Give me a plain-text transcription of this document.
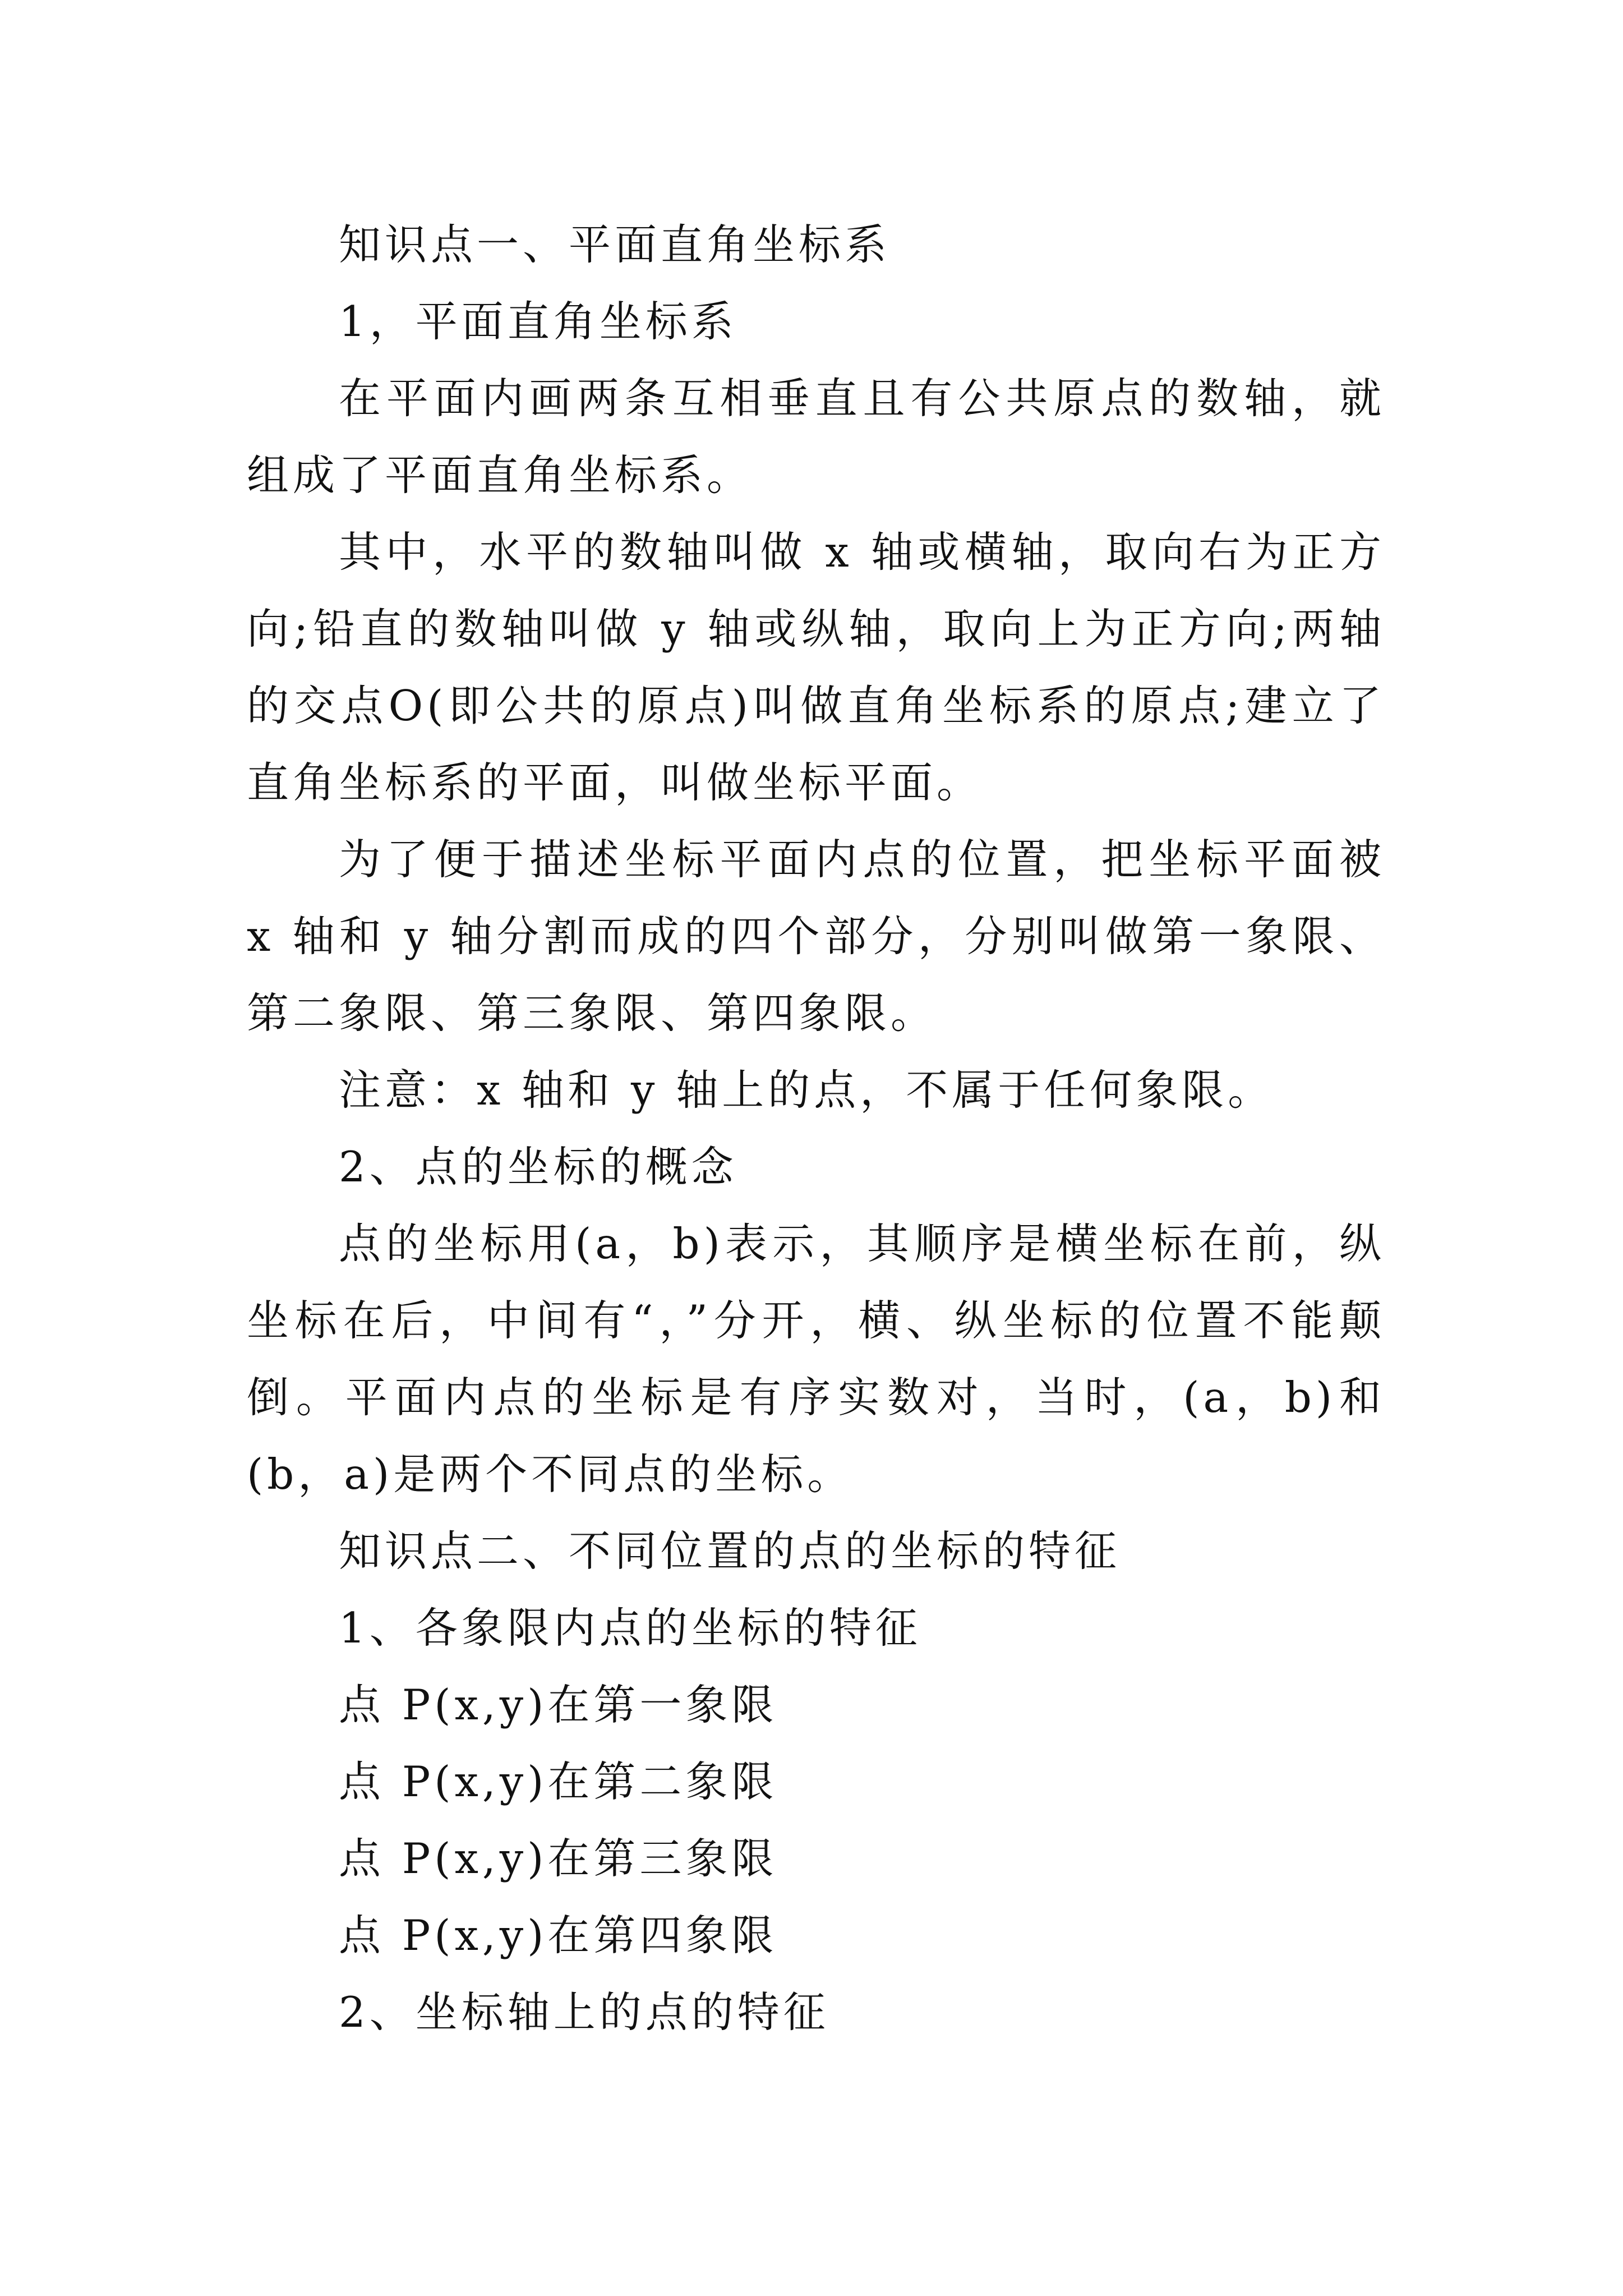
知识点一、平面直角坐标系

1，平面直角坐标系

在平面内画两条互相垂直且有公共原点的数轴，就组成了平面直角坐标系。

其中，水平的数轴叫做 x 轴或横轴，取向右为正方向;铅直的数轴叫做 y 轴或纵轴，取向上为正方向;两轴的交点O(即公共的原点)叫做直角坐标系的原点;建立了直角坐标系的平面，叫做坐标平面。

为了便于描述坐标平面内点的位置，把坐标平面被 x 轴和 y 轴分割而成的四个部分，分别叫做第一象限、第二象限、第三象限、第四象限。

注意：x 轴和 y 轴上的点，不属于任何象限。

2、点的坐标的概念

点的坐标用(a，b)表示，其顺序是横坐标在前，纵坐标在后，中间有“，”分开，横、纵坐标的位置不能颠倒。平面内点的坐标是有序实数对，当时，(a，b)和(b，a)是两个不同点的坐标。

知识点二、不同位置的点的坐标的特征

1、各象限内点的坐标的特征

点 P(x,y)在第一象限

点 P(x,y)在第二象限

点 P(x,y)在第三象限

点 P(x,y)在第四象限

2、坐标轴上的点的特征
